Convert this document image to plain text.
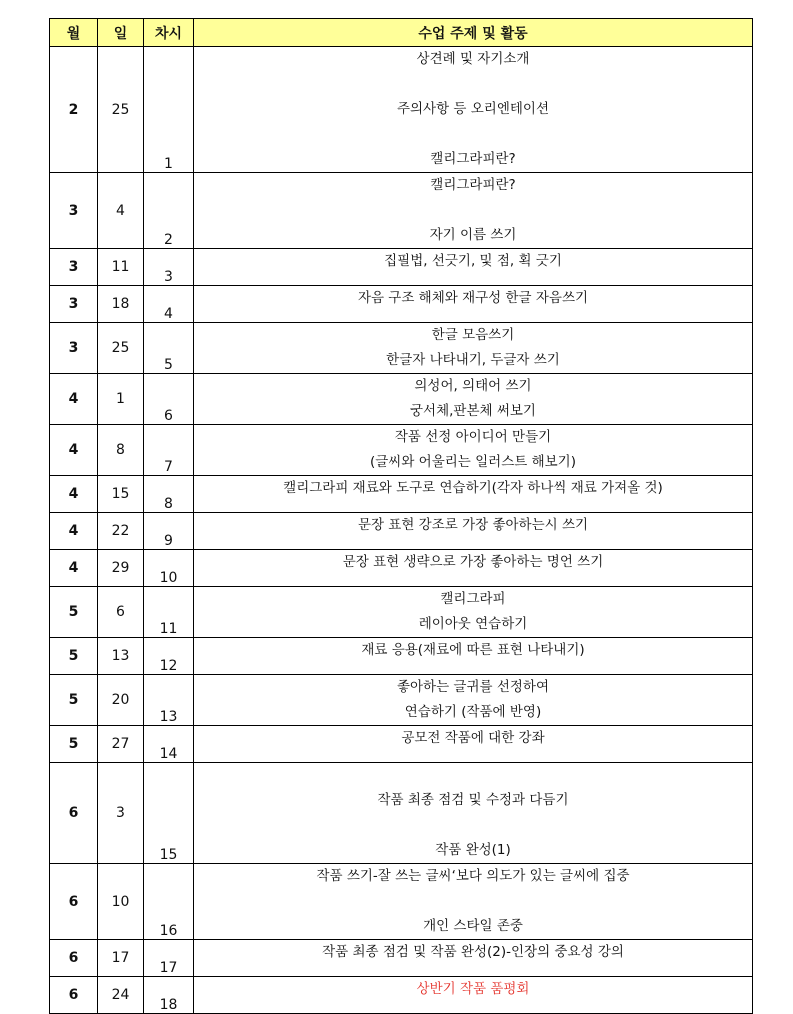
월	일	차시	수업 주제 및 활동
2	25	1	상견례 및 자기소개
주의사항 등 오리엔테이션
캘리그라피란?

3	4	2	캘리그라피란?
자기 이름 쓰기

3	11	3	집필법, 선긋기, 및 점, 획 긋기

3	18	4	자음 구조 해체와 재구성 한글 자음쓰기

3	25	5	한글 모음쓰기
한글자 나타내기, 두글자 쓰기

4	1	6	의성어, 의태어 쓰기
궁서체,판본체 써보기

4	8	7	작품 선정 아이디어 만들기
(글씨와 어울리는 일러스트 해보기)

4	15	8	캘리그라피 재료와 도구로 연습하기(각자 하나씩 재료 가져올 것)

4	22	9	문장 표현 강조로 가장 좋아하는시 쓰기

4	29	10	문장 표현 생략으로 가장 좋아하는 명언 쓰기

5	6	11	캘리그라피
레이아웃 연습하기

5	13	12	재료 응용(재료에 따른 표현 나타내기)

5	20	13	좋아하는 글귀를 선정하여
연습하기 (작품에 반영)

5	27	14	공모전 작품에 대한 강좌

6	3	15	작품 최종 점검 및 수정과 다듬기
작품 완성(1)

6	10	16	작품 쓰기-잘 쓰는 글씨‘보다 의도가 있는 글씨에 집중
개인 스타일 존중

6	17	17	작품 최종 점검 및 작품 완성(2)-인장의 중요성 강의

6	24	18	상반기 작품 품평회
